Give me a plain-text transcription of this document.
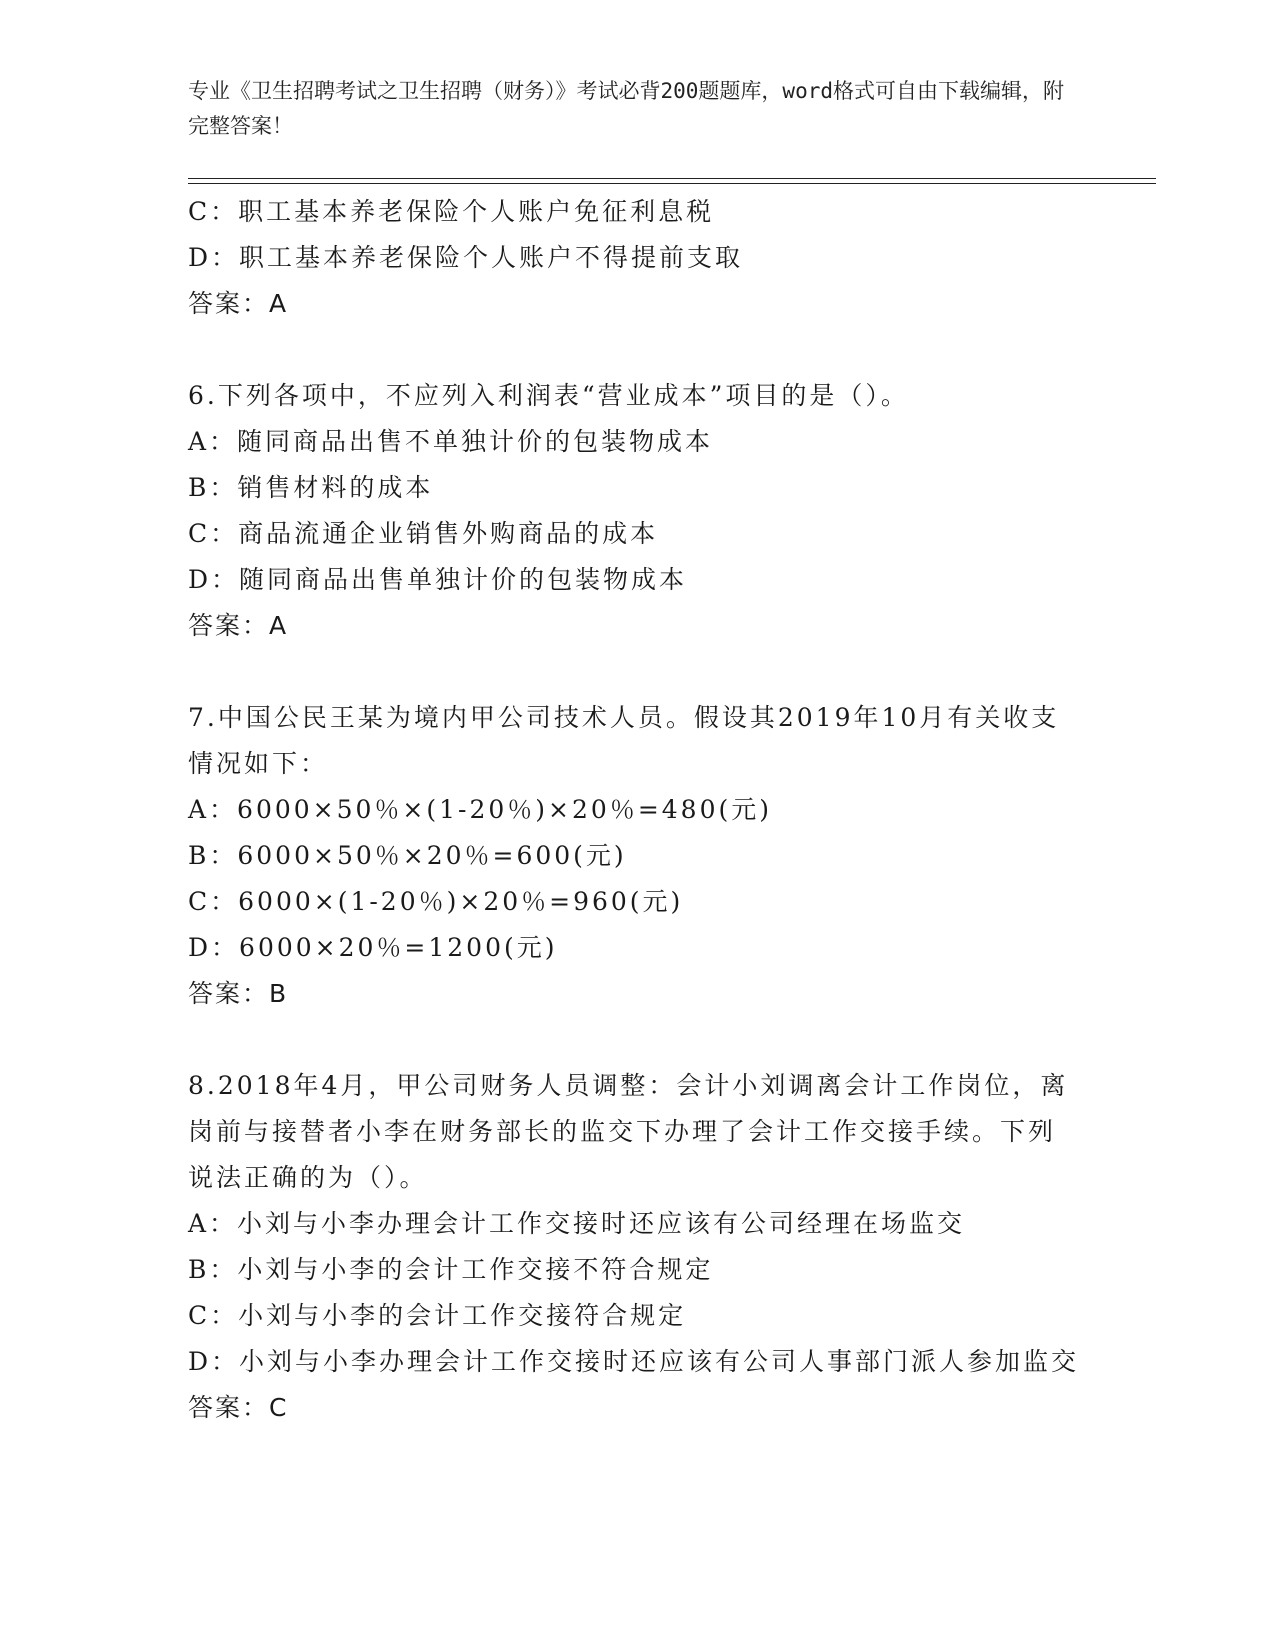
专业《卫生招聘考试之卫生招聘（财务）》考试必背200题题库，word格式可自由下载编辑，附完整答案！
C：职工基本养老保险个人账户免征利息税
D：职工基本养老保险个人账户不得提前支取
答案：A
6.下列各项中，不应列入利润表“营业成本”项目的是（）。
A：随同商品出售不单独计价的包装物成本
B：销售材料的成本
C：商品流通企业销售外购商品的成本
D：随同商品出售单独计价的包装物成本
答案：A
7.中国公民王某为境内甲公司技术人员。假设其2019年10月有关收支情况如下：
A：6000×50％×(1-20％)×20％=480(元)
B：6000×50％×20％=600(元)
C：6000×(1-20％)×20％=960(元)
D：6000×20％=1200(元)
答案：B
8.2018年4月，甲公司财务人员调整：会计小刘调离会计工作岗位，离岗前与接替者小李在财务部长的监交下办理了会计工作交接手续。下列说法正确的为（）。
A：小刘与小李办理会计工作交接时还应该有公司经理在场监交
B：小刘与小李的会计工作交接不符合规定
C：小刘与小李的会计工作交接符合规定
D：小刘与小李办理会计工作交接时还应该有公司人事部门派人参加监交
答案：C
